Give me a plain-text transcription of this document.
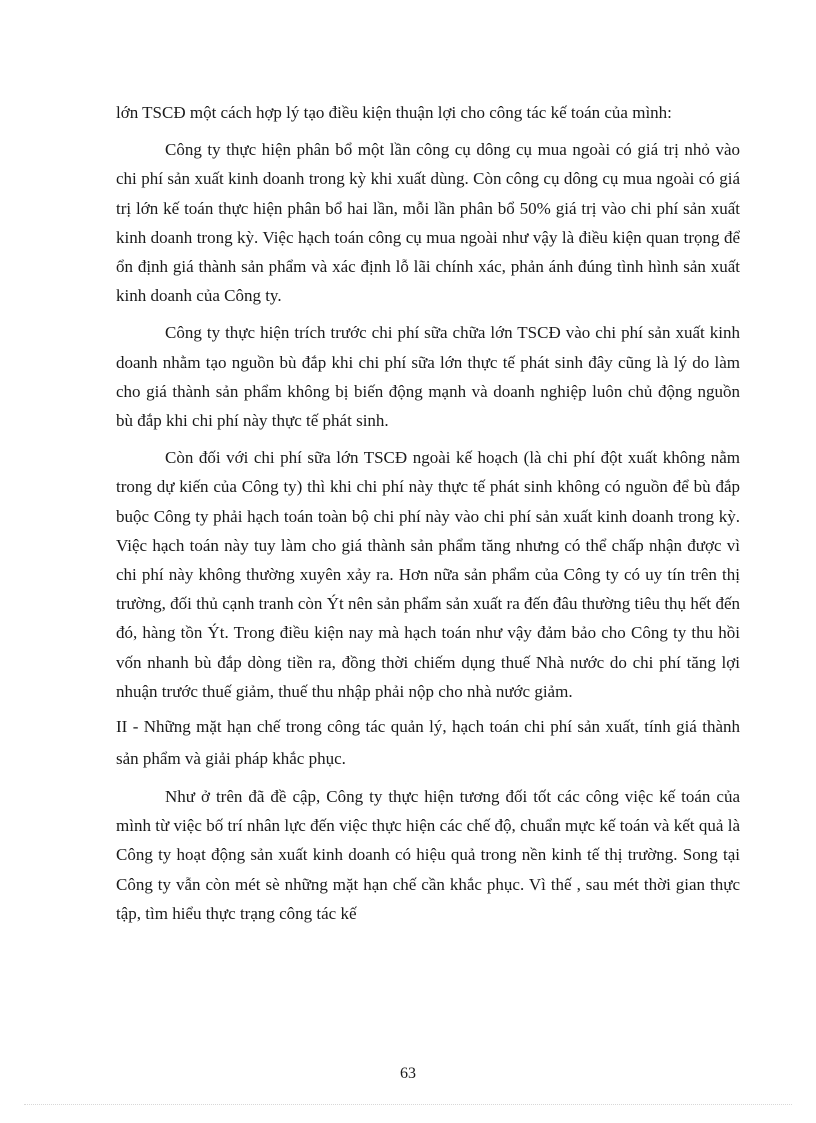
lớn TSCĐ một cách hợp lý tạo điều kiện thuận lợi cho công tác kế toán của mình:

Công ty thực hiện phân bổ một lần công cụ dông cụ mua ngoài có giá trị nhỏ vào chi phí sản xuất kinh doanh trong kỳ khi xuất dùng. Còn công cụ dông cụ mua ngoài có giá trị lớn kế toán thực hiện phân bổ hai lần, mỗi lần phân bổ 50% giá trị vào chi phí sản xuất kinh doanh trong kỳ. Việc hạch toán công cụ mua ngoài như vậy là điều kiện quan trọng để ổn định giá thành sản phẩm và xác định lỗ lãi chính xác, phản ánh đúng tình hình sản xuất kinh doanh của Công ty.

Công ty thực hiện trích trước chi phí sữa chữa lớn TSCĐ vào chi phí sản xuất kinh doanh nhằm tạo nguồn bù đắp khi chi phí sữa lớn thực tế phát sinh đây cũng là lý do làm cho giá thành sản phẩm không bị biến động mạnh và doanh nghiệp luôn chủ động nguồn bù đắp khi chi phí này thực tế phát sinh.

Còn đối với chi phí sữa lớn TSCĐ ngoài kế hoạch (là chi phí đột xuất không nằm trong dự kiến của Công ty) thì khi chi phí này thực tế phát sinh không có nguồn để bù đắp buộc Công ty phải hạch toán toàn bộ chi phí này vào chi phí sản xuất kinh doanh trong kỳ. Việc hạch toán này tuy làm cho giá thành sản phẩm tăng nhưng có thể chấp nhận được vì chi phí này không thường xuyên xảy ra. Hơn nữa sản phẩm của Công ty có uy tín trên thị trường, đối thủ cạnh tranh còn Ýt nên sản phẩm sản xuất ra đến đâu thường tiêu thụ hết đến đó, hàng tồn Ýt. Trong điều kiện nay mà hạch toán như vậy đảm bảo cho Công ty thu hồi vốn nhanh bù đắp dòng tiền ra, đồng thời chiếm dụng thuế Nhà nước do chi phí tăng lợi nhuận trước thuế giảm, thuế thu nhập phải nộp cho nhà nước giảm.

II - Những mặt hạn chế trong công tác quản lý, hạch toán chi phí sản xuất, tính giá thành sản phẩm và giải pháp khắc phục.

Như ở trên đã đề cập, Công ty thực hiện tương đối tốt các công việc kế toán của mình từ việc bố trí nhân lực đến việc thực hiện các chế độ, chuẩn mực kế toán và kết quả là Công ty hoạt động sản xuất kinh doanh có hiệu quả trong nền kinh tế thị trường. Song tại Công ty vẫn còn mét sè những mặt hạn chế cần khắc phục. Vì thế , sau mét thời gian thực tập, tìm hiểu thực trạng công tác kế

63
